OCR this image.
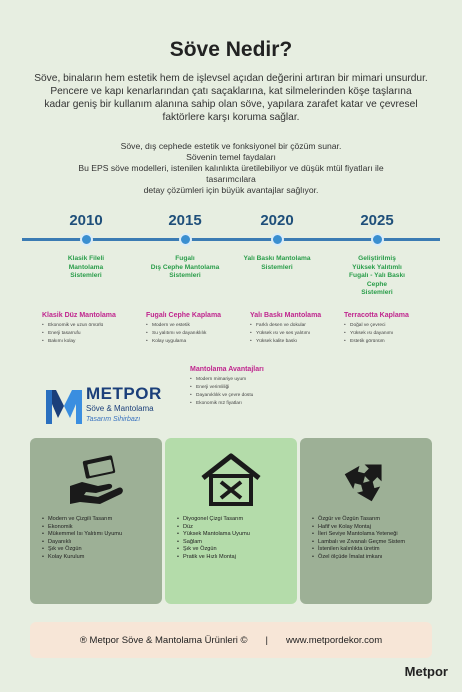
Söve Nedir?
Söve, binaların hem estetik hem de işlevsel açıdan değerini artıran bir mimari unsurdur.
Pencere ve kapı kenarlarından çatı saçaklarına, kat silmelerinden köşe taşlarına
kadar geniş bir kullanım alanına sahip olan söve, yapılara zarafet katar ve çevresel
faktörlere karşı koruma sağlar.
Söve, dış cephede estetik ve fonksiyonel bir çözüm sunar.
Sövenin temel faydaları
Bu EPS söve modelleri, istenilen kalınlıkta üretilebiliyor ve düşük mtül fiyatları ile
tasarımcılara
detay çözümleri için büyük avantajlar sağlıyor.
2010	2015	2020	2025
Klasik Filelі
Mantolama
Sistemleri
Fugalı
Dış Cephe Mantolama
Sistemleri
Yalı Baskı Mantolama
Sistemleri
Geliştirilmiş
Yüksek Yalıtımlı
Fugalı - Yalı Baskı
Cephe
Sistemleri
Klasik Düz Mantolama
• Ekonomik ve uzun ömürlü
• Enerji tasarrufu
• Bakımı kolay
Fugalı Cephe Kaplama
• Modern ve estetik
• Su yalıtımı ve dayanıklılık
• Kolay uygulama
Yalı Baskı Mantolama
• Farklı desen ve dokular
• Yüksek ısı ve ses yalıtımı
• Yüksek kalite baskı
Terracotta Kaplama
• Doğal ve çevreci
• Yüksek ısı dayanımı
• Estetik görünüm
METPOR
Söve & Mantolama
Tasarım Sihirbazı
Mantolama Avantajları
• Modern mimariye uyum
• Enerji verimliliği
• Dayanıklılık ve çevre dostu
• Ekonomik m2 fiyatları
• Modern ve Çizgili Tasarım
• Ekonomik
• Mükemmel Isı Yalıtımı Uyumu
• Dayanıklı
• Şık ve Özgün
• Kolay Kurulum
• Diyogonel Çizgi Tasarım
• Düz
• Yüksek Mantolama Uyumu
• Sağlam
• Şık ve Özgün
• Pratik ve Hızlı Montaj
• Özgür ve Özgün Tasarım
• Hafif ve Kolay Montaj
• İleri Seviye Mantolama Yeteneği
• Lambalı ve Zıvanalı Geçme Sistem
• İstenilen kalınlıkta üretim
• Özel ölçüde İmalat imkanı
® Metpor Söve & Mantolama Ürünleri © | www.metpordekor.com
Metpor
